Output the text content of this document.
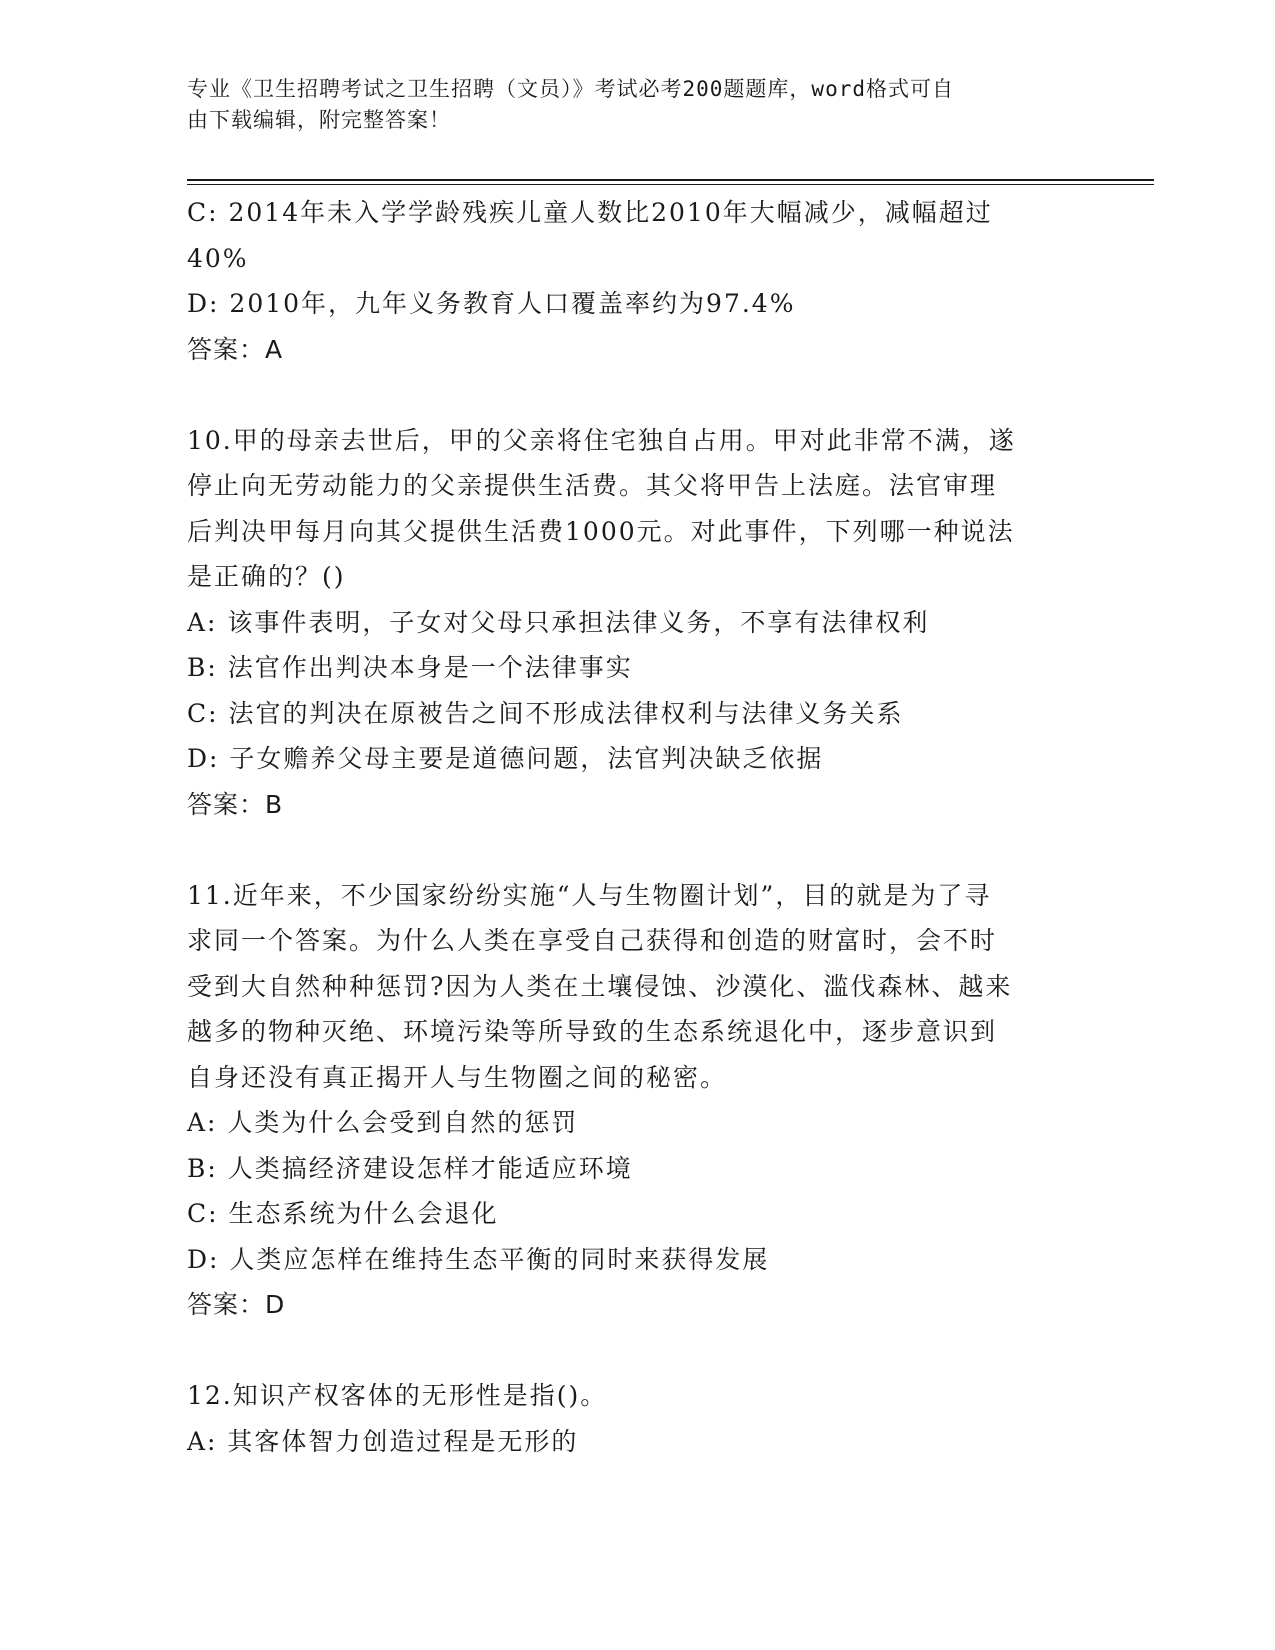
专业《卫生招聘考试之卫生招聘（文员）》考试必考200题题库，word格式可自
由下载编辑，附完整答案！
C: 2014年未入学学龄残疾儿童人数比2010年大幅减少，减幅超过
40%
D: 2010年，九年义务教育人口覆盖率约为97.4%
答案：A
10.甲的母亲去世后，甲的父亲将住宅独自占用。甲对此非常不满，遂
停止向无劳动能力的父亲提供生活费。其父将甲告上法庭。法官审理
后判决甲每月向其父提供生活费1000元。对此事件，下列哪一种说法
是正确的？()
A: 该事件表明，子女对父母只承担法律义务，不享有法律权利
B: 法官作出判决本身是一个法律事实
C: 法官的判决在原被告之间不形成法律权利与法律义务关系
D: 子女赡养父母主要是道德问题，法官判决缺乏依据
答案：B
11.近年来，不少国家纷纷实施“人与生物圈计划”，目的就是为了寻
求同一个答案。为什么人类在享受自己获得和创造的财富时，会不时
受到大自然种种惩罚?因为人类在土壤侵蚀、沙漠化、滥伐森林、越来
越多的物种灭绝、环境污染等所导致的生态系统退化中，逐步意识到
自身还没有真正揭开人与生物圈之间的秘密。
A: 人类为什么会受到自然的惩罚
B: 人类搞经济建设怎样才能适应环境
C: 生态系统为什么会退化
D: 人类应怎样在维持生态平衡的同时来获得发展
答案：D
12.知识产权客体的无形性是指()。
A: 其客体智力创造过程是无形的
